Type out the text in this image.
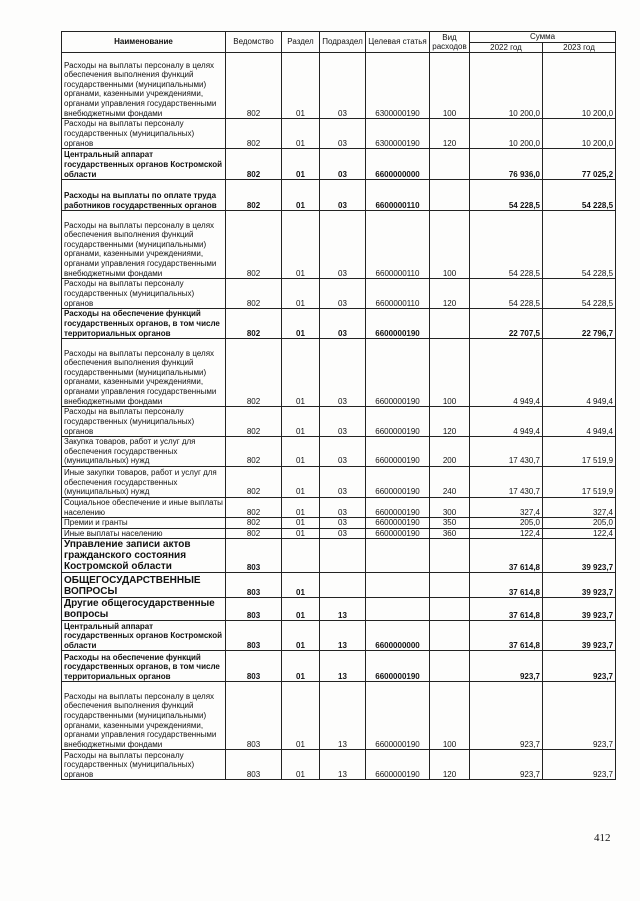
Наименование	Ведомство	Раздел	Подраздел	Целевая статья	Вид расходов	Сумма	
						2022 год	2023 год
Расходы на выплаты персоналу в целях обеспечения выполнения функций государственными (муниципальными) органами, казенными учреждениями, органами управления государственными внебюджетными фондами	802	01	03	6300000190	100	10 200,0	10 200,0
Расходы на выплаты персоналу государственных (муниципальных) органов	802	01	03	6300000190	120	10 200,0	10 200,0
Центральный аппарат государственных органов Костромской области	802	01	03	6600000000		76 936,0	77 025,2
Расходы на выплаты по оплате труда работников государственных органов	802	01	03	6600000110		54 228,5	54 228,5
Расходы на выплаты персоналу в целях обеспечения выполнения функций государственными (муниципальными) органами, казенными учреждениями, органами управления государственными внебюджетными фондами	802	01	03	6600000110	100	54 228,5	54 228,5
Расходы на выплаты персоналу государственных (муниципальных) органов	802	01	03	6600000110	120	54 228,5	54 228,5
Расходы на обеспечение функций государственных органов, в том числе территориальных органов	802	01	03	6600000190		22 707,5	22 796,7
Расходы на выплаты персоналу в целях обеспечения выполнения функций государственными (муниципальными) органами, казенными учреждениями, органами управления государственными внебюджетными фондами	802	01	03	6600000190	100	4 949,4	4 949,4
Расходы на выплаты персоналу государственных (муниципальных) органов	802	01	03	6600000190	120	4 949,4	4 949,4
Закупка товаров, работ и услуг для обеспечения государственных (муниципальных) нужд	802	01	03	6600000190	200	17 430,7	17 519,9
Иные закупки товаров, работ и услуг для обеспечения государственных (муниципальных) нужд	802	01	03	6600000190	240	17 430,7	17 519,9
Социальное обеспечение и иные выплаты населению	802	01	03	6600000190	300	327,4	327,4
Премии и гранты	802	01	03	6600000190	350	205,0	205,0
Иные выплаты населению	802	01	03	6600000190	360	122,4	122,4
Управление записи актов гражданского состояния Костромской области	803					37 614,8	39 923,7
ОБЩЕГОСУДАРСТВЕННЫЕ ВОПРОСЫ	803	01				37 614,8	39 923,7
Другие общегосударственные вопросы	803	01	13			37 614,8	39 923,7
Центральный аппарат государственных органов Костромской области	803	01	13	6600000000		37 614,8	39 923,7
Расходы на обеспечение функций государственных органов, в том числе территориальных органов	803	01	13	6600000190		923,7	923,7
Расходы на выплаты персоналу в целях обеспечения выполнения функций государственными (муниципальными) органами, казенными учреждениями, органами управления государственными внебюджетными фондами	803	01	13	6600000190	100	923,7	923,7
Расходы на выплаты персоналу государственных (муниципальных) органов	803	01	13	6600000190	120	923,7	923,7
412
